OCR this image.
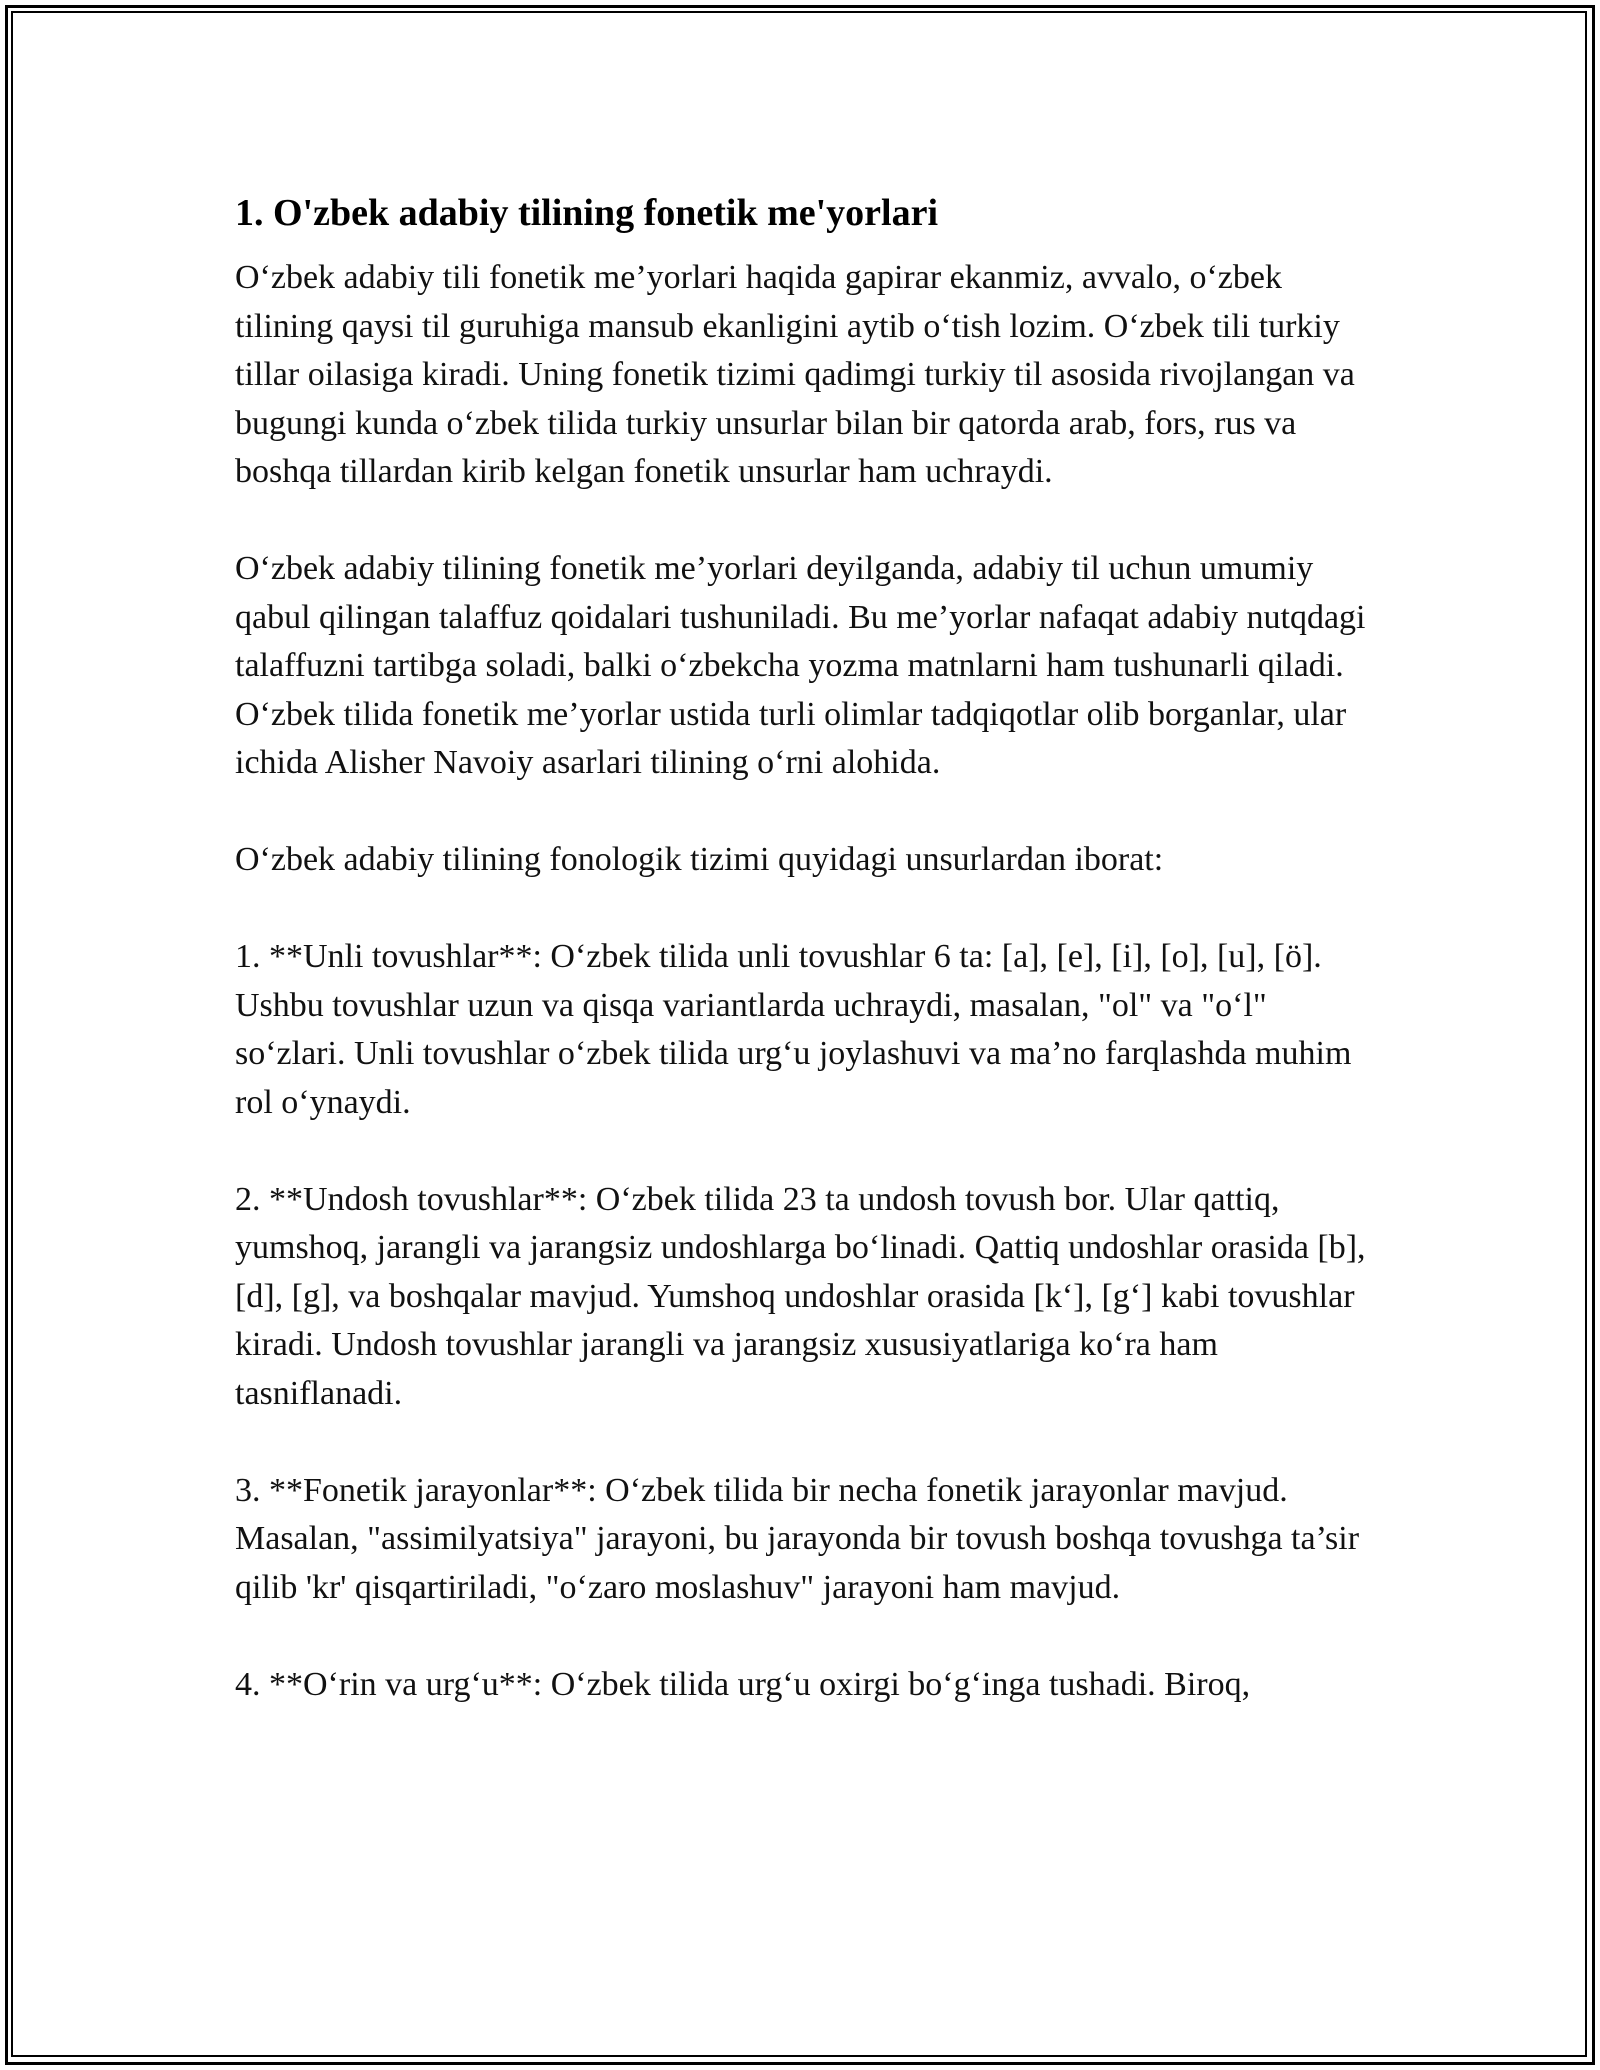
1. O'zbek adabiy tilining fonetik me'yorlari

O‘zbek adabiy tili fonetik me’yorlari haqida gapirar ekanmiz, avvalo, o‘zbek tilining qaysi til guruhiga mansub ekanligini aytib o‘tish lozim. O‘zbek tili turkiy tillar oilasiga kiradi. Uning fonetik tizimi qadimgi turkiy til asosida rivojlangan va bugungi kunda o‘zbek tilida turkiy unsurlar bilan bir qatorda arab, fors, rus va boshqa tillardan kirib kelgan fonetik unsurlar ham uchraydi.

O‘zbek adabiy tilining fonetik me’yorlari deyilganda, adabiy til uchun umumiy qabul qilingan talaffuz qoidalari tushuniladi. Bu me’yorlar nafaqat adabiy nutqdagi talaffuzni tartibga soladi, balki o‘zbekcha yozma matnlarni ham tushunarli qiladi. O‘zbek tilida fonetik me’yorlar ustida turli olimlar tadqiqotlar olib borganlar, ular ichida Alisher Navoiy asarlari tilining o‘rni alohida.

O‘zbek adabiy tilining fonologik tizimi quyidagi unsurlardan iborat:

1. **Unli tovushlar**: O‘zbek tilida unli tovushlar 6 ta: [a], [e], [i], [o], [u], [ö]. Ushbu tovushlar uzun va qisqa variantlarda uchraydi, masalan, "ol" va "o‘l" so‘zlari. Unli tovushlar o‘zbek tilida urg‘u joylashuvi va ma’no farqlashda muhim rol o‘ynaydi.

2. **Undosh tovushlar**: O‘zbek tilida 23 ta undosh tovush bor. Ular qattiq, yumshoq, jarangli va jarangsiz undoshlarga bo‘linadi. Qattiq undoshlar orasida [b], [d], [g], va boshqalar mavjud. Yumshoq undoshlar orasida [k‘], [g‘] kabi tovushlar kiradi. Undosh tovushlar jarangli va jarangsiz xususiyatlariga ko‘ra ham tasniflanadi.

3. **Fonetik jarayonlar**: O‘zbek tilida bir necha fonetik jarayonlar mavjud. Masalan, "assimilyatsiya" jarayoni, bu jarayonda bir tovush boshqa tovushga ta’sir qilib 'kr' qisqartiriladi, "o‘zaro moslashuv" jarayoni ham mavjud.

4. **O‘rin va urg‘u**: O‘zbek tilida urg‘u oxirgi bo‘g‘inga tushadi. Biroq,
